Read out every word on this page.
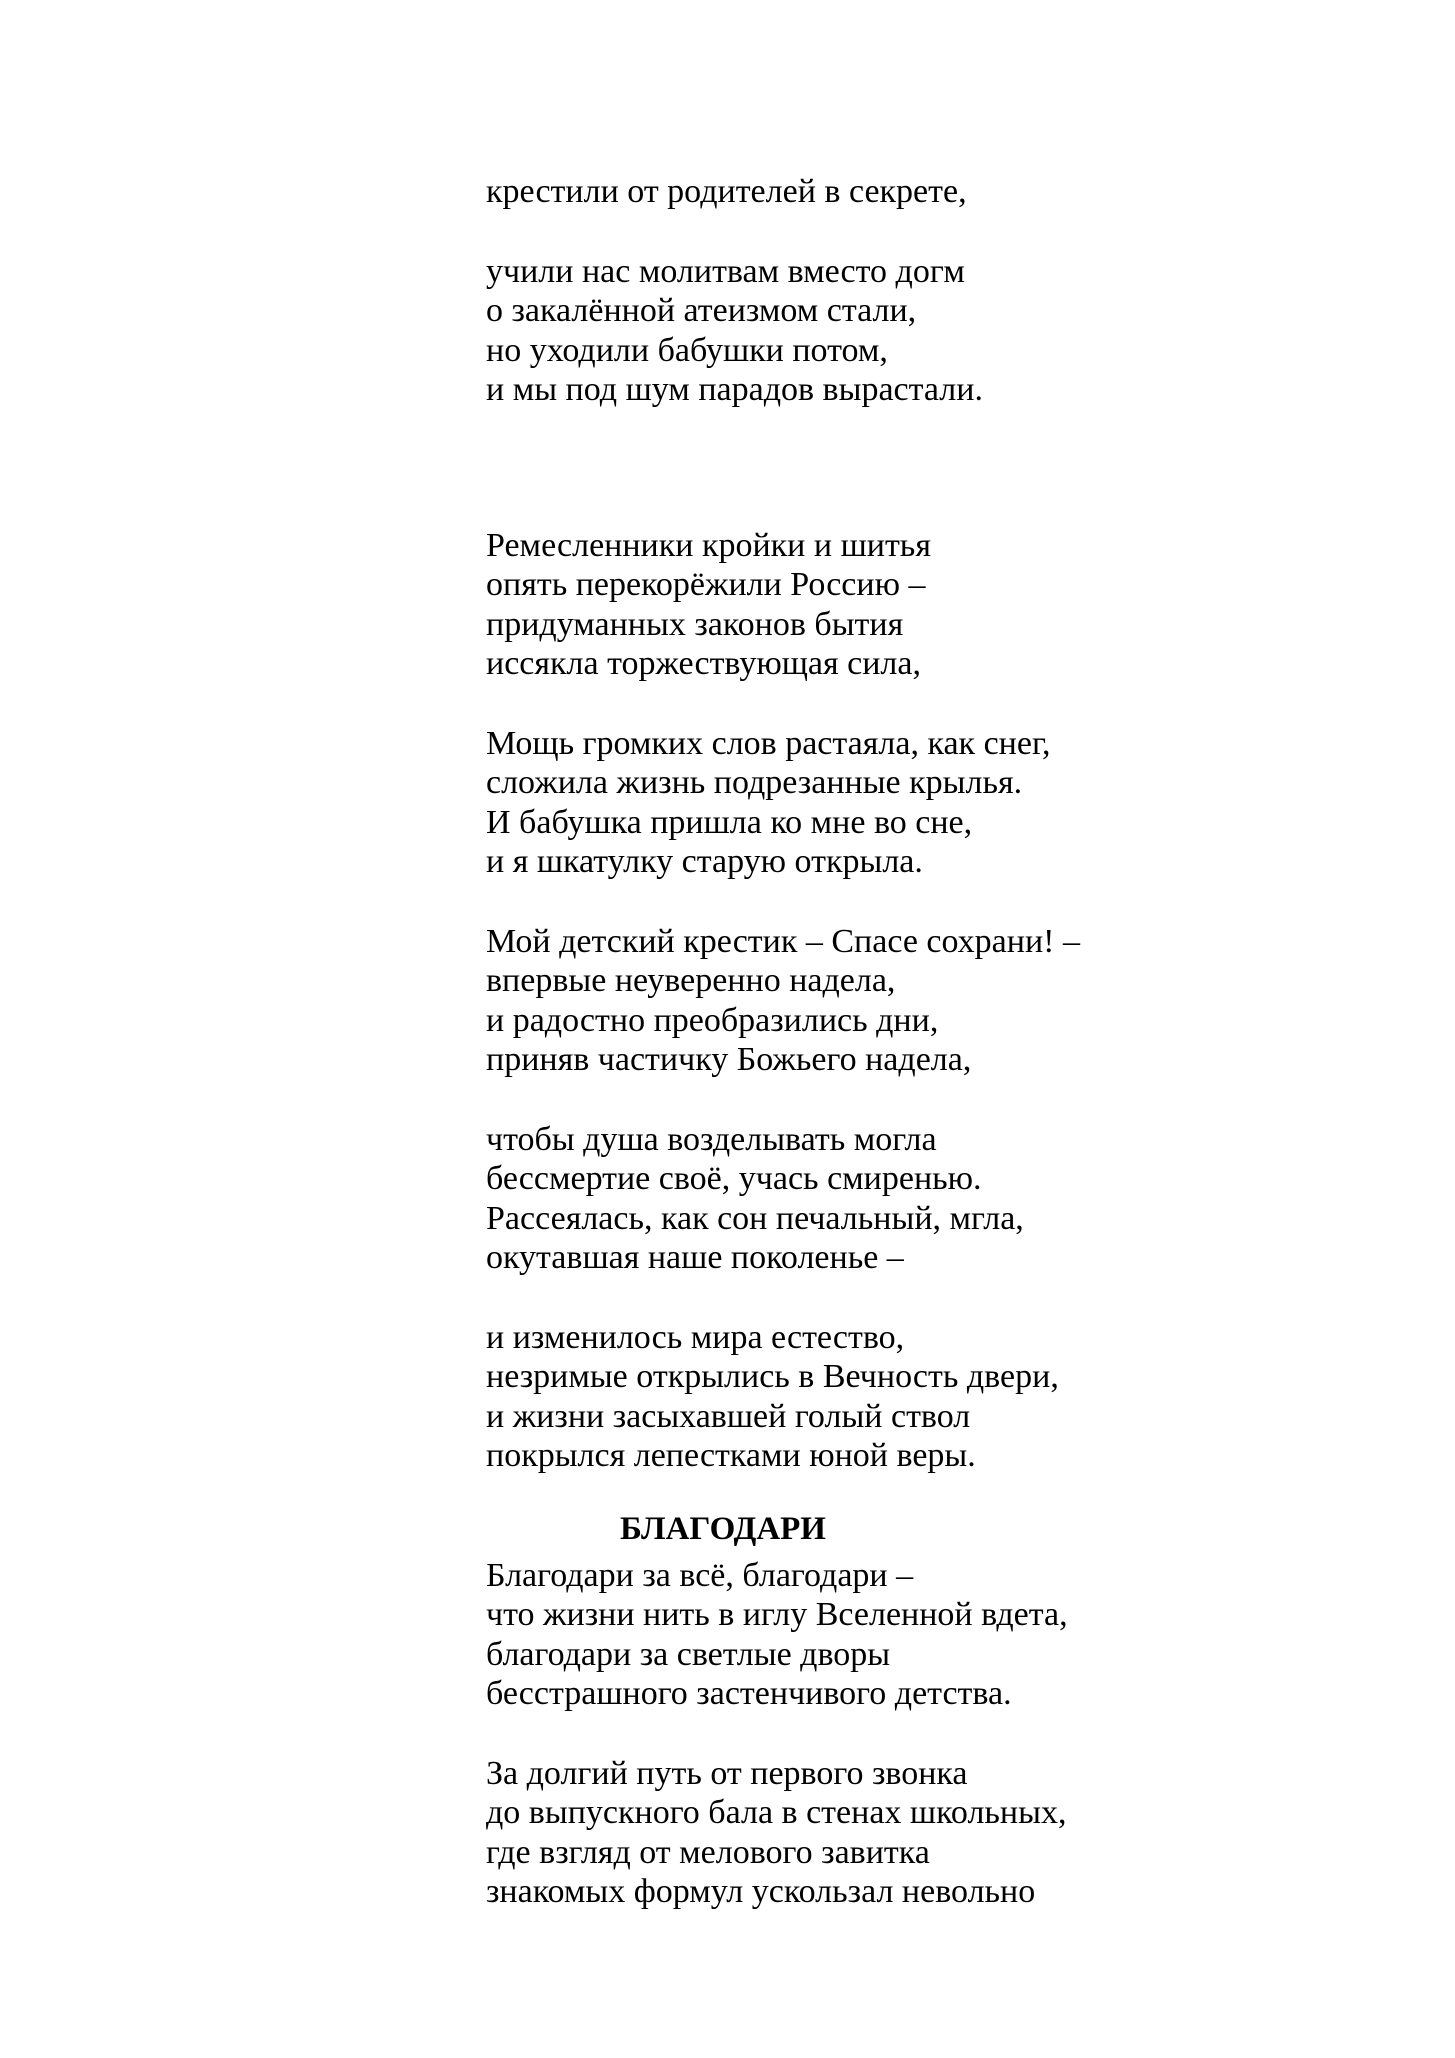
крестили от родителей в секрете,
учили нас молитвам вместо догм
о закалённой атеизмом стали,
но уходили бабушки потом,
и мы под шум парадов вырастали.
Ремесленники кройки и шитья
опять перекорёжили Россию –
придуманных законов бытия
иссякла торжествующая сила,
Мощь громких слов растаяла, как снег,
сложила жизнь подрезанные крылья.
И бабушка пришла ко мне во сне,
и я шкатулку старую открыла.
Мой детский крестик – Спасе сохрани! –
впервые неуверенно надела,
и радостно преобразились дни,
приняв частичку Божьего надела,
чтобы душа возделывать могла
бессмертие своё, учась смиренью.
Рассеялась, как сон печальный, мгла,
окутавшая наше поколенье –
и изменилось мира естество,
незримые открылись в Вечность двери,
и жизни засыхавшей голый ствол
покрылся лепестками юной веры.
БЛАГОДАРИ
Благодари за всё, благодари –
что жизни нить в иглу Вселенной вдета,
благодари за светлые дворы
бесстрашного застенчивого детства.
За долгий путь от первого звонка
до выпускного бала в стенах школьных,
где взгляд от мелового завитка
знакомых формул ускользал невольно
